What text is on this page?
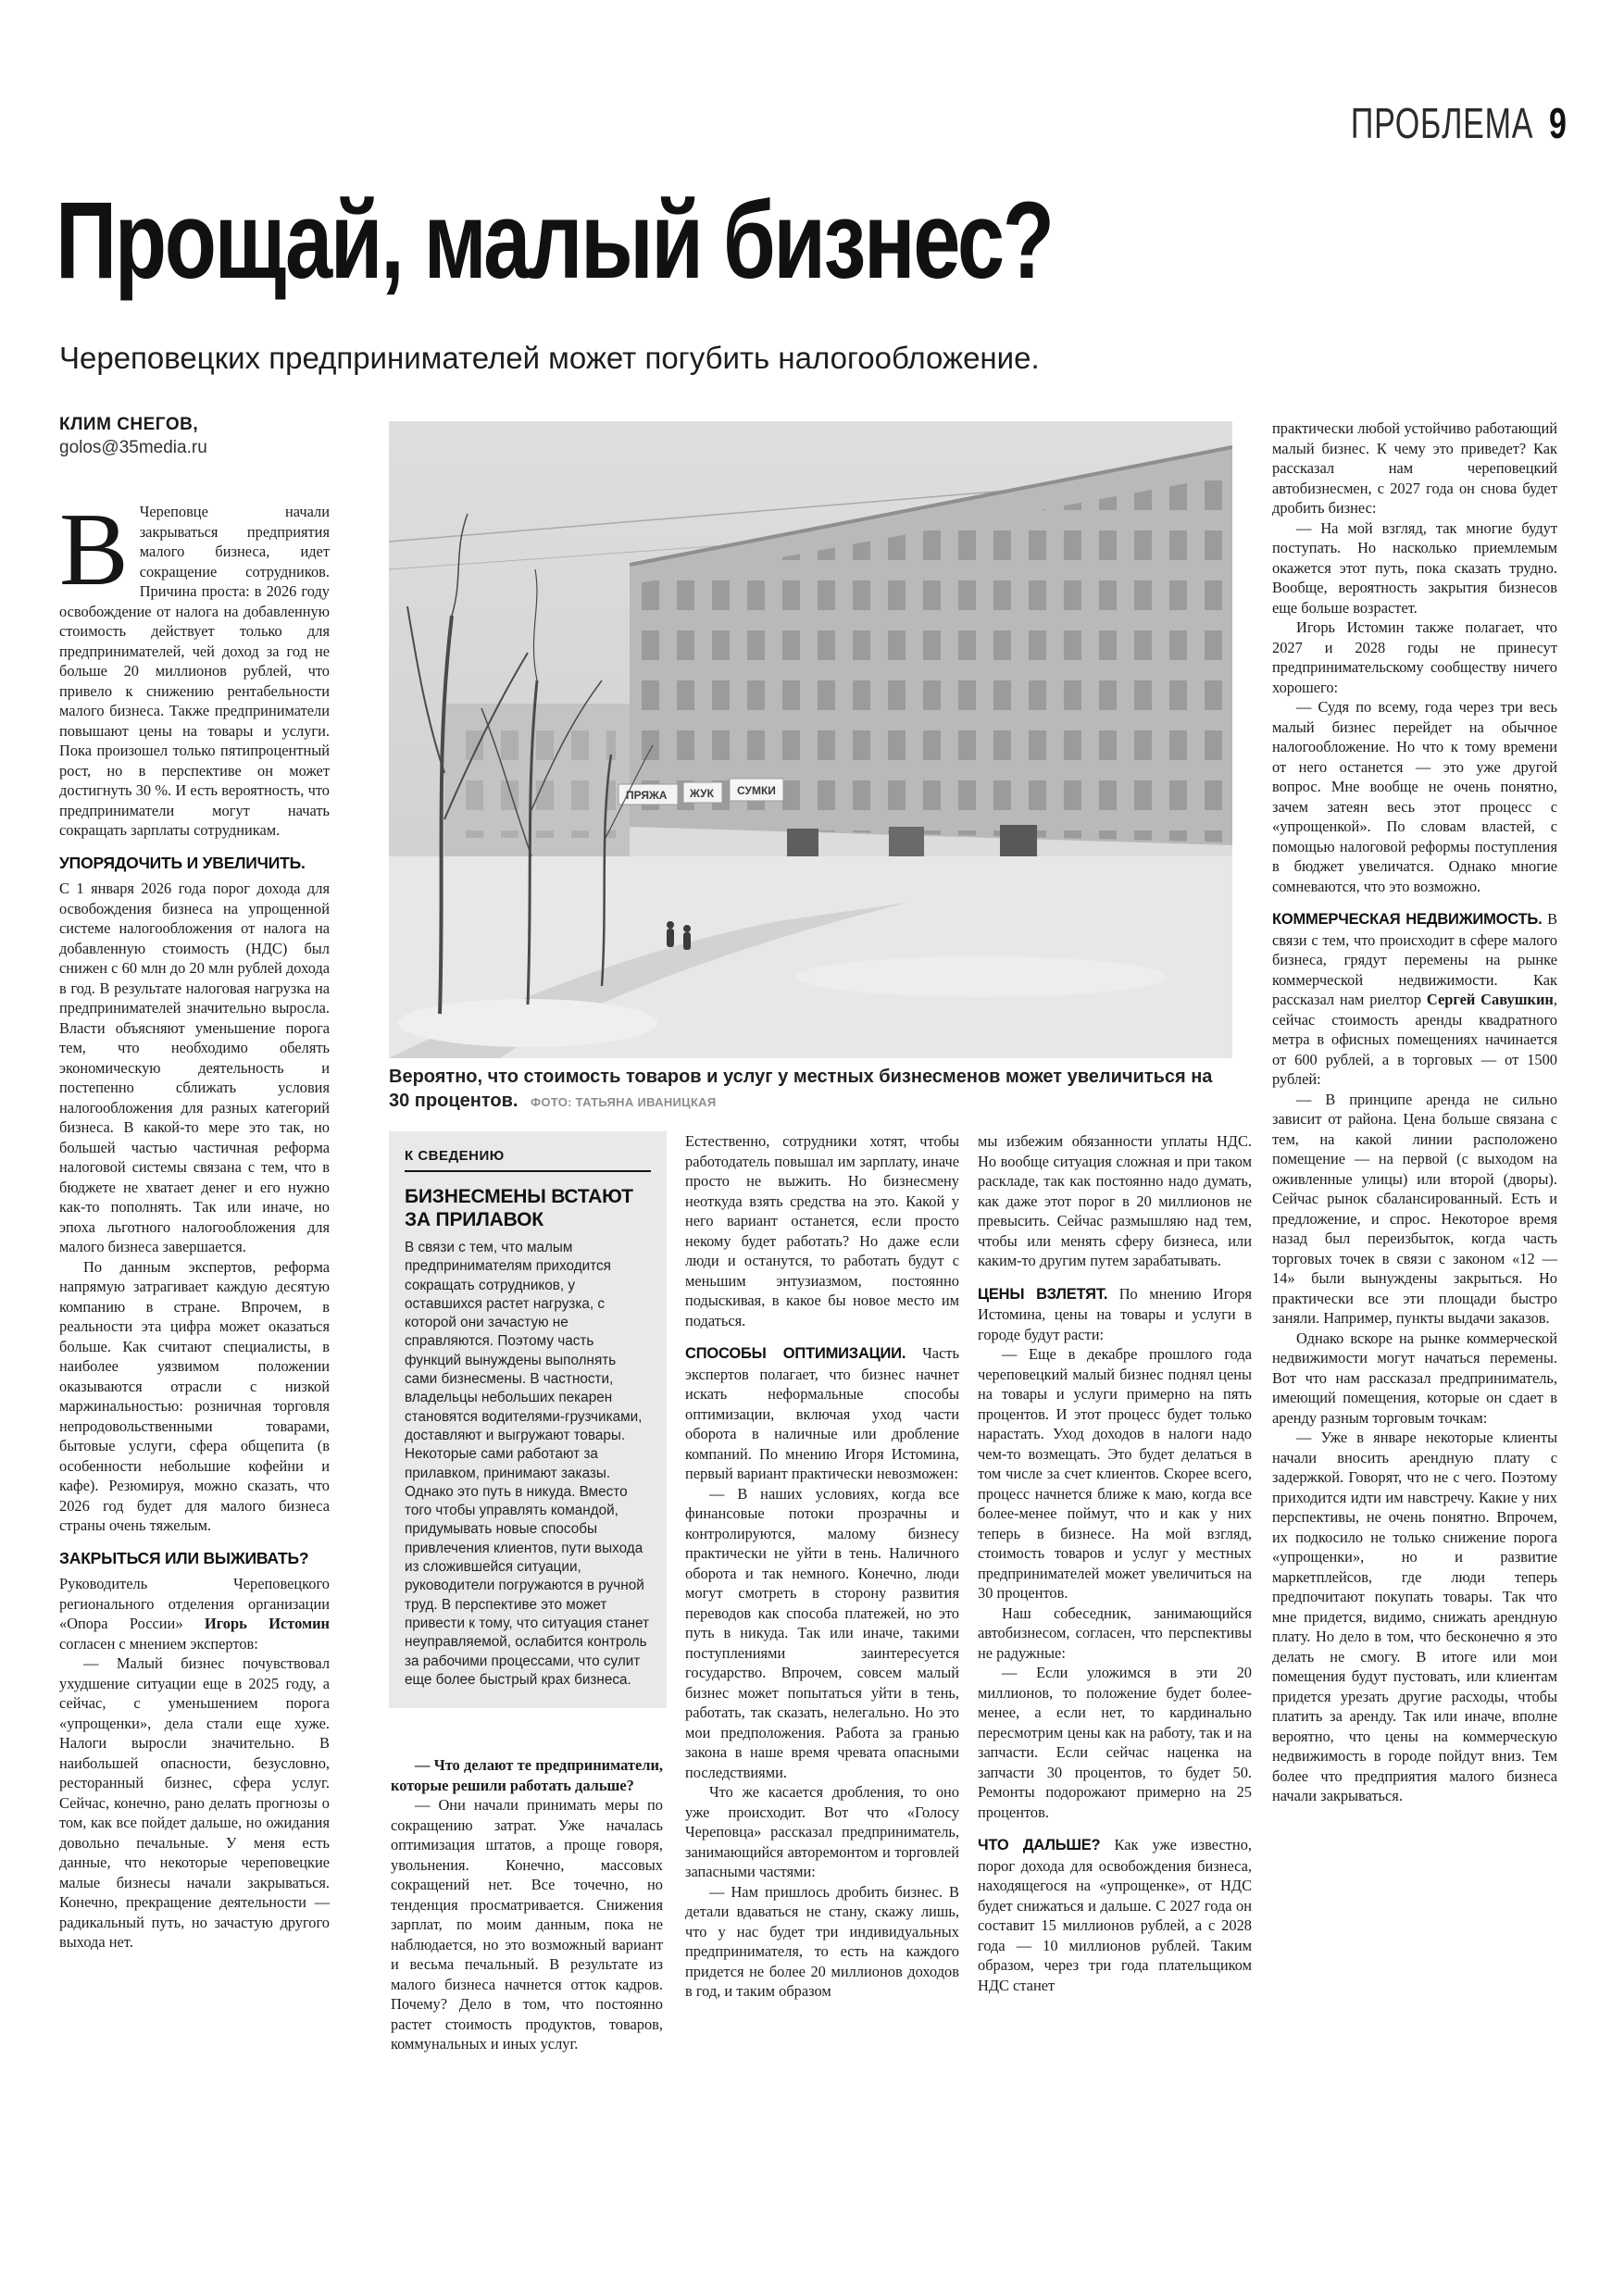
ПРОБЛЕМА 9
Прощай, малый бизнес?
Череповецких предпринимателей может погубить налогообложение.
КЛИМ СНЕГОВ,
golos@35media.ru
ПРЯЖА ЖУК СУМКИ
Вероятно, что стоимость товаров и услуг у местных бизнесменов может увеличиться на 30 процентов. ФОТО: ТАТЬЯНА ИВАНИЦКАЯ

В Череповце начали закрываться предприятия малого бизнеса, идет сокращение сотрудников. Причина проста: в 2026 году освобождение от налога на добавленную стоимость действует только для предпринимателей, чей доход за год не больше 20 миллионов рублей, что привело к снижению рентабельности малого бизнеса. Также предприниматели повышают цены на товары и услуги. Пока произошел только пятипроцентный рост, но в перспективе он может достигнуть 30 %. И есть вероятность, что предприниматели могут начать сокращать зарплаты сотрудникам.

УПОРЯДОЧИТЬ И УВЕЛИЧИТЬ.

С 1 января 2026 года порог дохода для освобождения бизнеса на упрощенной системе налогообложения от налога на добавленную стоимость (НДС) был снижен с 60 млн до 20 млн рублей дохода в год. В результате налоговая нагрузка на предпринимателей значительно выросла. Власти объясняют уменьшение порога тем, что необходимо обелять экономическую деятельность и постепенно сближать условия налогообложения для разных категорий бизнеса. В какой-то мере это так, но большей частью частичная реформа налоговой системы связана с тем, что в бюджете не хватает денег и его нужно как-то пополнять. Так или иначе, но эпоха льготного налогообложения для малого бизнеса завершается.

По данным экспертов, реформа напрямую затрагивает каждую десятую компанию в стране. Впрочем, в реальности эта цифра может оказаться больше. Как считают специалисты, в наиболее уязвимом положении оказываются отрасли с низкой маржинальностью: розничная торговля непродовольственными товарами, бытовые услуги, сфера общепита (в особенности небольшие кофейни и кафе). Резюмируя, можно сказать, что 2026 год будет для малого бизнеса страны очень тяжелым.

ЗАКРЫТЬСЯ ИЛИ ВЫЖИВАТЬ?

Руководитель Череповецкого регионального отделения организации «Опора России» Игорь Истомин согласен с мнением экспертов:

— Малый бизнес почувствовал ухудшение ситуации еще в 2025 году, а сейчас, с уменьшением порога «упрощенки», дела стали еще хуже. Налоги выросли значительно. В наибольшей опасности, безусловно, ресторанный бизнес, сфера услуг. Сейчас, конечно, рано делать прогнозы о том, как все пойдет дальше, но ожидания довольно печальные. У меня есть данные, что некоторые череповецкие малые бизнесы начали закрываться. Конечно, прекращение деятельности — радикальный путь, но зачастую другого выхода нет.

К СВЕДЕНИЮ
БИЗНЕСМЕНЫ ВСТАЮТ ЗА ПРИЛАВОК
В связи с тем, что малым предпринимателям приходится сокращать сотрудников, у оставшихся растет нагрузка, с которой они зачастую не справляются. Поэтому часть функций вынуждены выполнять сами бизнесмены. В частности, владельцы небольших пекарен становятся водителями-грузчиками, доставляют и выгружают товары. Некоторые сами работают за прилавком, принимают заказы. Однако это путь в никуда. Вместо того чтобы управлять командой, придумывать новые способы привлечения клиентов, пути выхода из сложившейся ситуации, руководители погружаются в ручной труд. В перспективе это может привести к тому, что ситуация станет неуправляемой, ослабится контроль за рабочими процессами, что сулит еще более быстрый крах бизнеса.

— Что делают те предприниматели, которые решили работать дальше?

— Они начали принимать меры по сокращению затрат. Уже началась оптимизация штатов, а проще говоря, увольнения. Конечно, массовых сокращений нет. Все точечно, но тенденция просматривается. Снижения зарплат, по моим данным, пока не наблюдается, но это возможный вариант и весьма печальный. В результате из малого бизнеса начнется отток кадров. Почему? Дело в том, что постоянно растет стоимость продуктов, товаров, коммунальных и иных услуг.

Естественно, сотрудники хотят, чтобы работодатель повышал им зарплату, иначе просто не выжить. Но бизнесмену неоткуда взять средства на это. Какой у него вариант останется, если просто некому будет работать? Но даже если люди и останутся, то работать будут с меньшим энтузиазмом, постоянно подыскивая, в какое бы новое место им податься.

СПОСОБЫ ОПТИМИЗАЦИИ. Часть экспертов полагает, что бизнес начнет искать неформальные способы оптимизации, включая уход части оборота в наличные или дробление компаний. По мнению Игоря Истомина, первый вариант практически невозможен:

— В наших условиях, когда все финансовые потоки прозрачны и контролируются, малому бизнесу практически не уйти в тень. Наличного оборота и так немного. Конечно, люди могут смотреть в сторону развития переводов как способа платежей, но это путь в никуда. Так или иначе, такими поступлениями заинтересуется государство. Впрочем, совсем малый бизнес может попытаться уйти в тень, работать, так сказать, нелегально. Но это мои предположения. Работа за гранью закона в наше время чревата опасными последствиями.

Что же касается дробления, то оно уже происходит. Вот что «Голосу Череповца» рассказал предприниматель, занимающийся авторемонтом и торговлей запасными частями:

— Нам пришлось дробить бизнес. В детали вдаваться не стану, скажу лишь, что у нас будет три индивидуальных предпринимателя, то есть на каждого придется не более 20 миллионов доходов в год, и таким образом

мы избежим обязанности уплаты НДС. Но вообще ситуация сложная и при таком раскладе, так как постоянно надо думать, как даже этот порог в 20 миллионов не превысить. Сейчас размышляю над тем, чтобы или менять сферу бизнеса, или каким-то другим путем зарабатывать.

ЦЕНЫ ВЗЛЕТЯТ. По мнению Игоря Истомина, цены на товары и услуги в городе будут расти:

— Еще в декабре прошлого года череповецкий малый бизнес поднял цены на товары и услуги примерно на пять процентов. И этот процесс будет только нарастать. Уход доходов в налоги надо чем-то возмещать. Это будет делаться в том числе за счет клиентов. Скорее всего, процесс начнется ближе к маю, когда все более-менее поймут, что и как у них теперь в бизнесе. На мой взгляд, стоимость товаров и услуг у местных предпринимателей может увеличиться на 30 процентов.

Наш собеседник, занимающийся автобизнесом, согласен, что перспективы не радужные:

— Если уложимся в эти 20 миллионов, то положение будет более-менее, а если нет, то кардинально пересмотрим цены как на работу, так и на запчасти. Если сейчас наценка на запчасти 30 процентов, то будет 50. Ремонты подорожают примерно на 25 процентов.

ЧТО ДАЛЬШЕ? Как уже известно, порог дохода для освобождения бизнеса, находящегося на «упрощенке», от НДС будет снижаться и дальше. С 2027 года он составит 15 миллионов рублей, а с 2028 года — 10 миллионов рублей. Таким образом, через три года плательщиком НДС станет

практически любой устойчиво работающий малый бизнес. К чему это приведет? Как рассказал нам череповецкий автобизнесмен, с 2027 года он снова будет дробить бизнес:

— На мой взгляд, так многие будут поступать. Но насколько приемлемым окажется этот путь, пока сказать трудно. Вообще, вероятность закрытия бизнесов еще больше возрастет.

Игорь Истомин также полагает, что 2027 и 2028 годы не принесут предпринимательскому сообществу ничего хорошего:

— Судя по всему, года через три весь малый бизнес перейдет на обычное налогообложение. Но что к тому времени от него останется — это уже другой вопрос. Мне вообще не очень понятно, зачем затеян весь этот процесс с «упрощенкой». По словам властей, с помощью налоговой реформы поступления в бюджет увеличатся. Однако многие сомневаются, что это возможно.

КОММЕРЧЕСКАЯ НЕДВИЖИМОСТЬ. В связи с тем, что происходит в сфере малого бизнеса, грядут перемены на рынке коммерческой недвижимости. Как рассказал нам риелтор Сергей Савушкин, сейчас стоимость аренды квадратного метра в офисных помещениях начинается от 600 рублей, а в торговых — от 1500 рублей:

— В принципе аренда не сильно зависит от района. Цена больше связана с тем, на какой линии расположено помещение — на первой (с выходом на оживленные улицы) или второй (дворы). Сейчас рынок сбалансированный. Есть и предложение, и спрос. Некоторое время назад был переизбыток, когда часть торговых точек в связи с законом «12 — 14» были вынуждены закрыться. Но практически все эти площади быстро заняли. Например, пункты выдачи заказов.

Однако вскоре на рынке коммерческой недвижимости могут начаться перемены. Вот что нам рассказал предприниматель, имеющий помещения, которые он сдает в аренду разным торговым точкам:

— Уже в январе некоторые клиенты начали вносить арендную плату с задержкой. Говорят, что не с чего. Поэтому приходится идти им навстречу. Какие у них перспективы, не очень понятно. Впрочем, их подкосило не только снижение порога «упрощенки», но и развитие маркетплейсов, где люди теперь предпочитают покупать товары. Так что мне придется, видимо, снижать арендную плату. Но дело в том, что бесконечно я это делать не смогу. В итоге или мои помещения будут пустовать, или клиентам придется урезать другие расходы, чтобы платить за аренду. Так или иначе, вполне вероятно, что цены на коммерческую недвижимость в городе пойдут вниз. Тем более что предприятия малого бизнеса начали закрываться.
